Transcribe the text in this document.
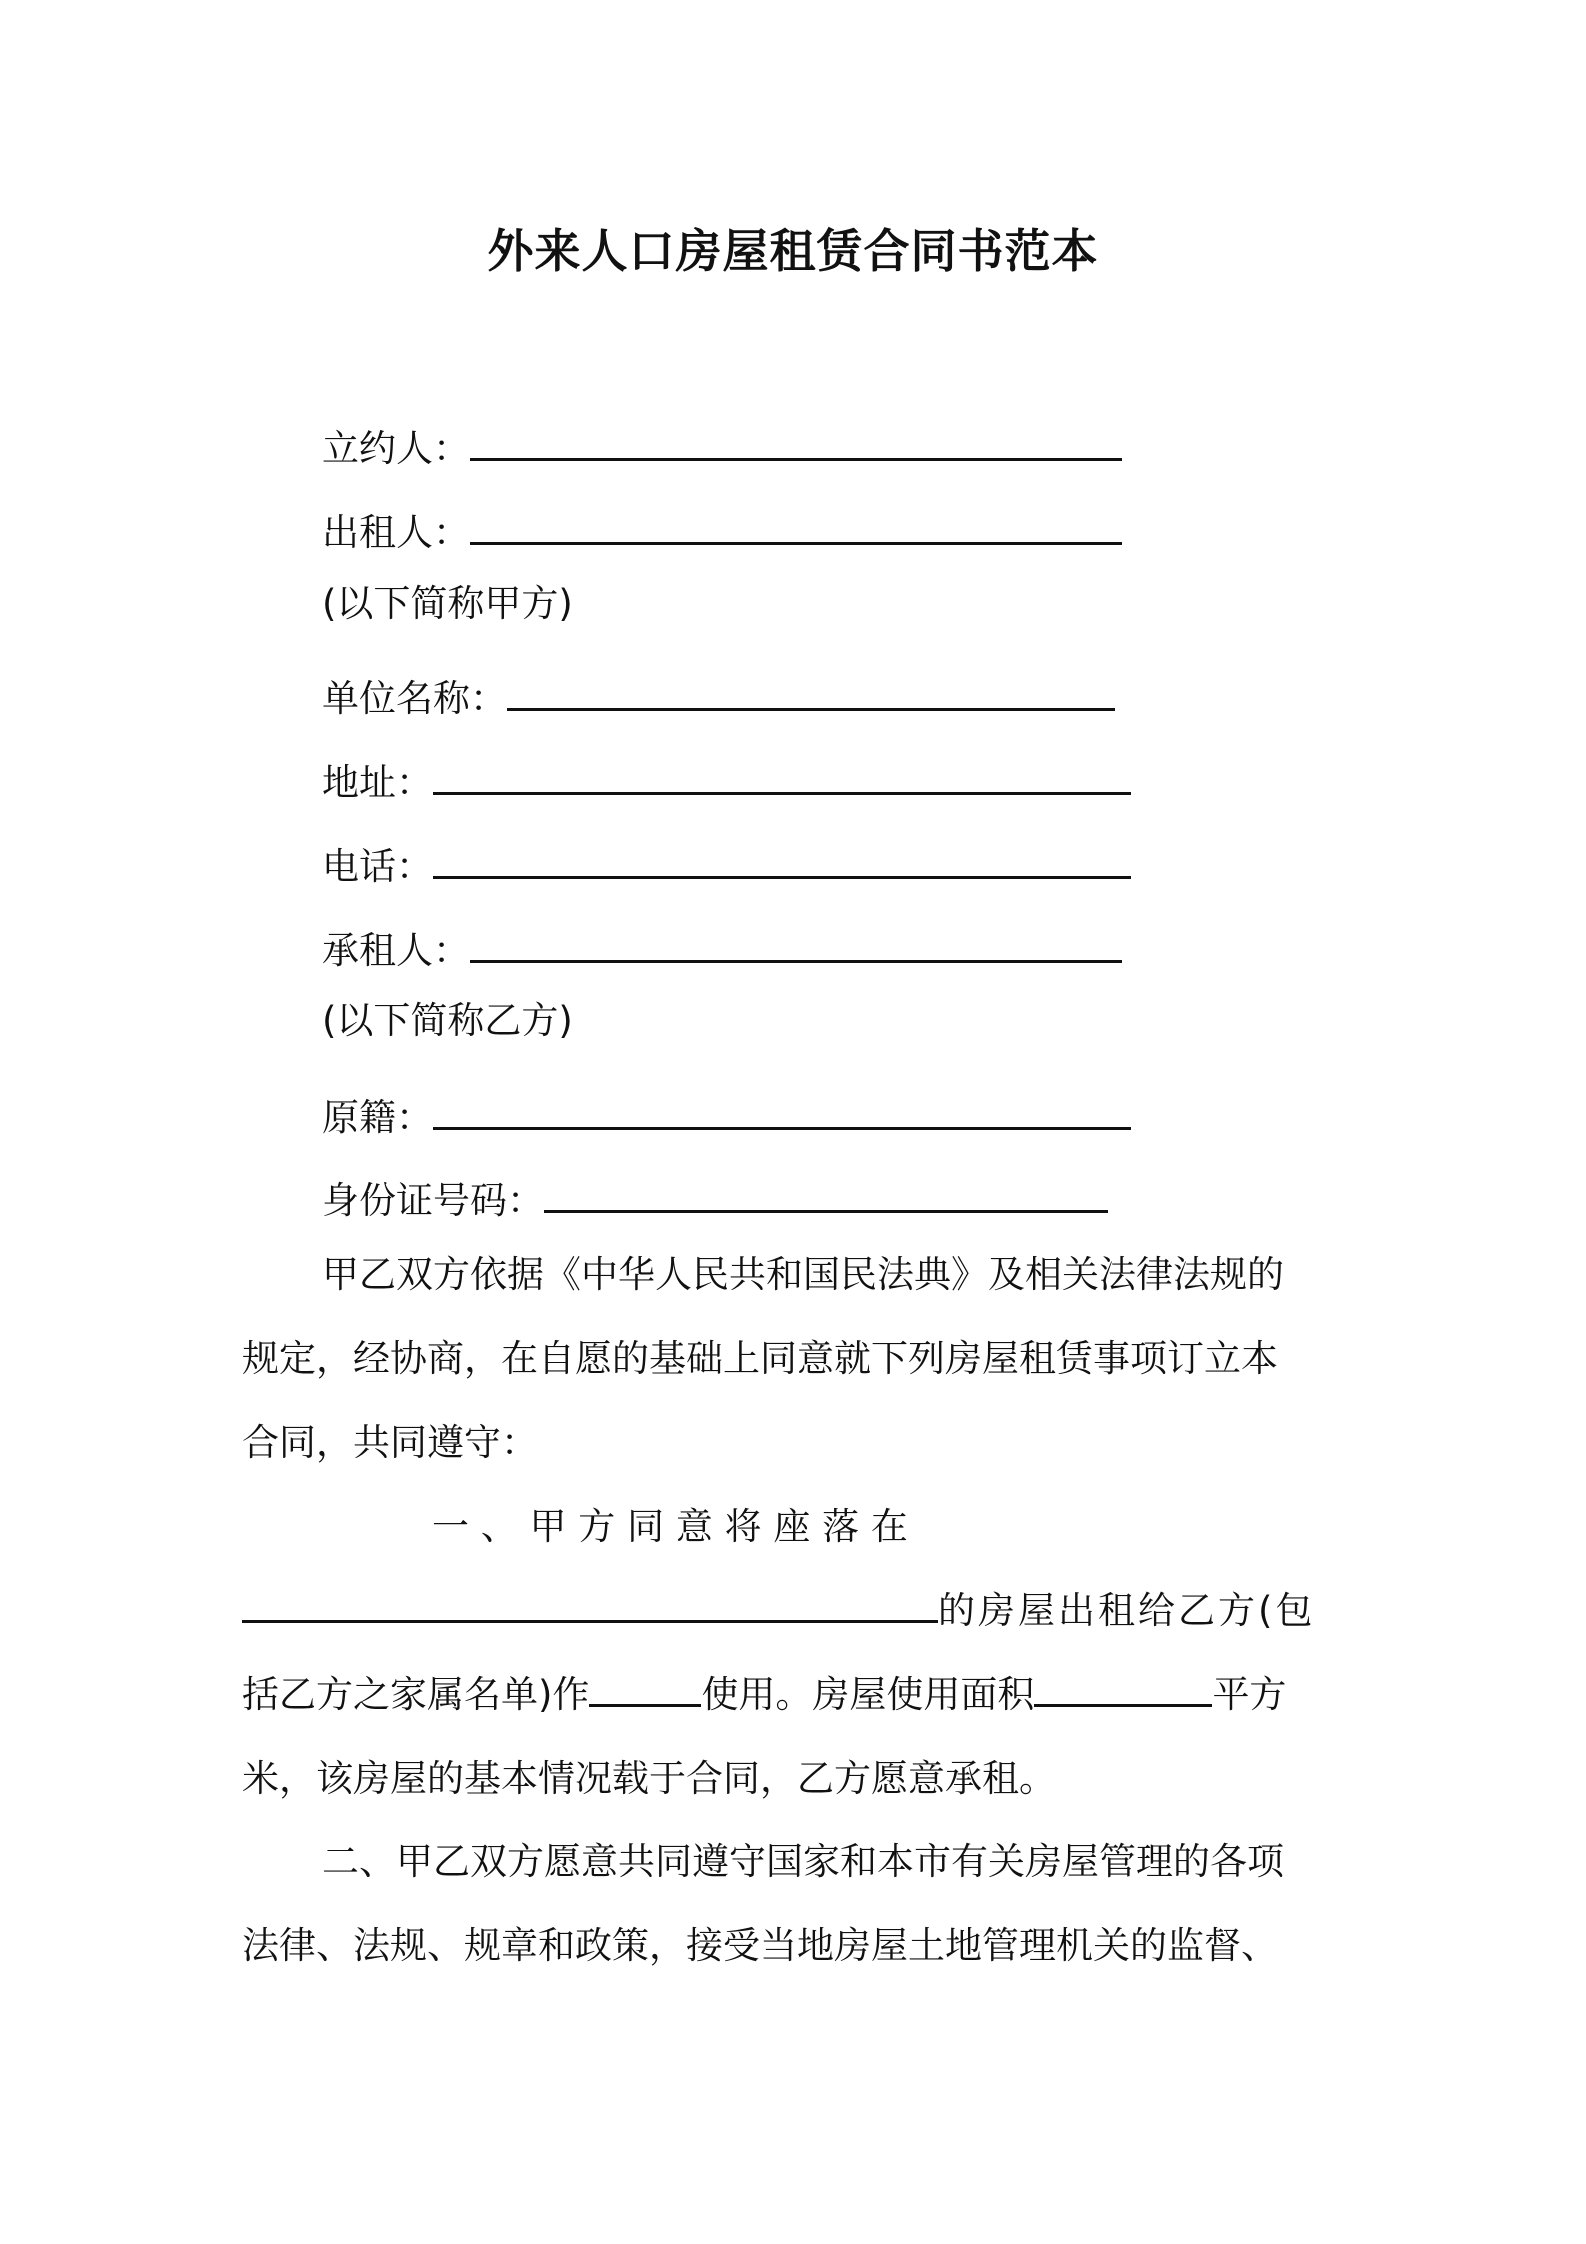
外来人口房屋租赁合同书范本
立约人：
出租人：
(以下简称甲方)
单位名称：
地址：
电话：
承租人：
(以下简称乙方)
原籍：
身份证号码：
甲乙双方依据《中华人民共和国民法典》及相关法律法规的
规定，经协商，在自愿的基础上同意就下列房屋租赁事项订立本
合同，共同遵守：
一 、 甲 方 同 意 将 座 落 在
的房屋出租给乙方(包
括乙方之家属名单)作	使用。房屋使用面积	平方
米，该房屋的基本情况载于合同，乙方愿意承租。
二、甲乙双方愿意共同遵守国家和本市有关房屋管理的各项
法律、法规、规章和政策，接受当地房屋土地管理机关的监督、
